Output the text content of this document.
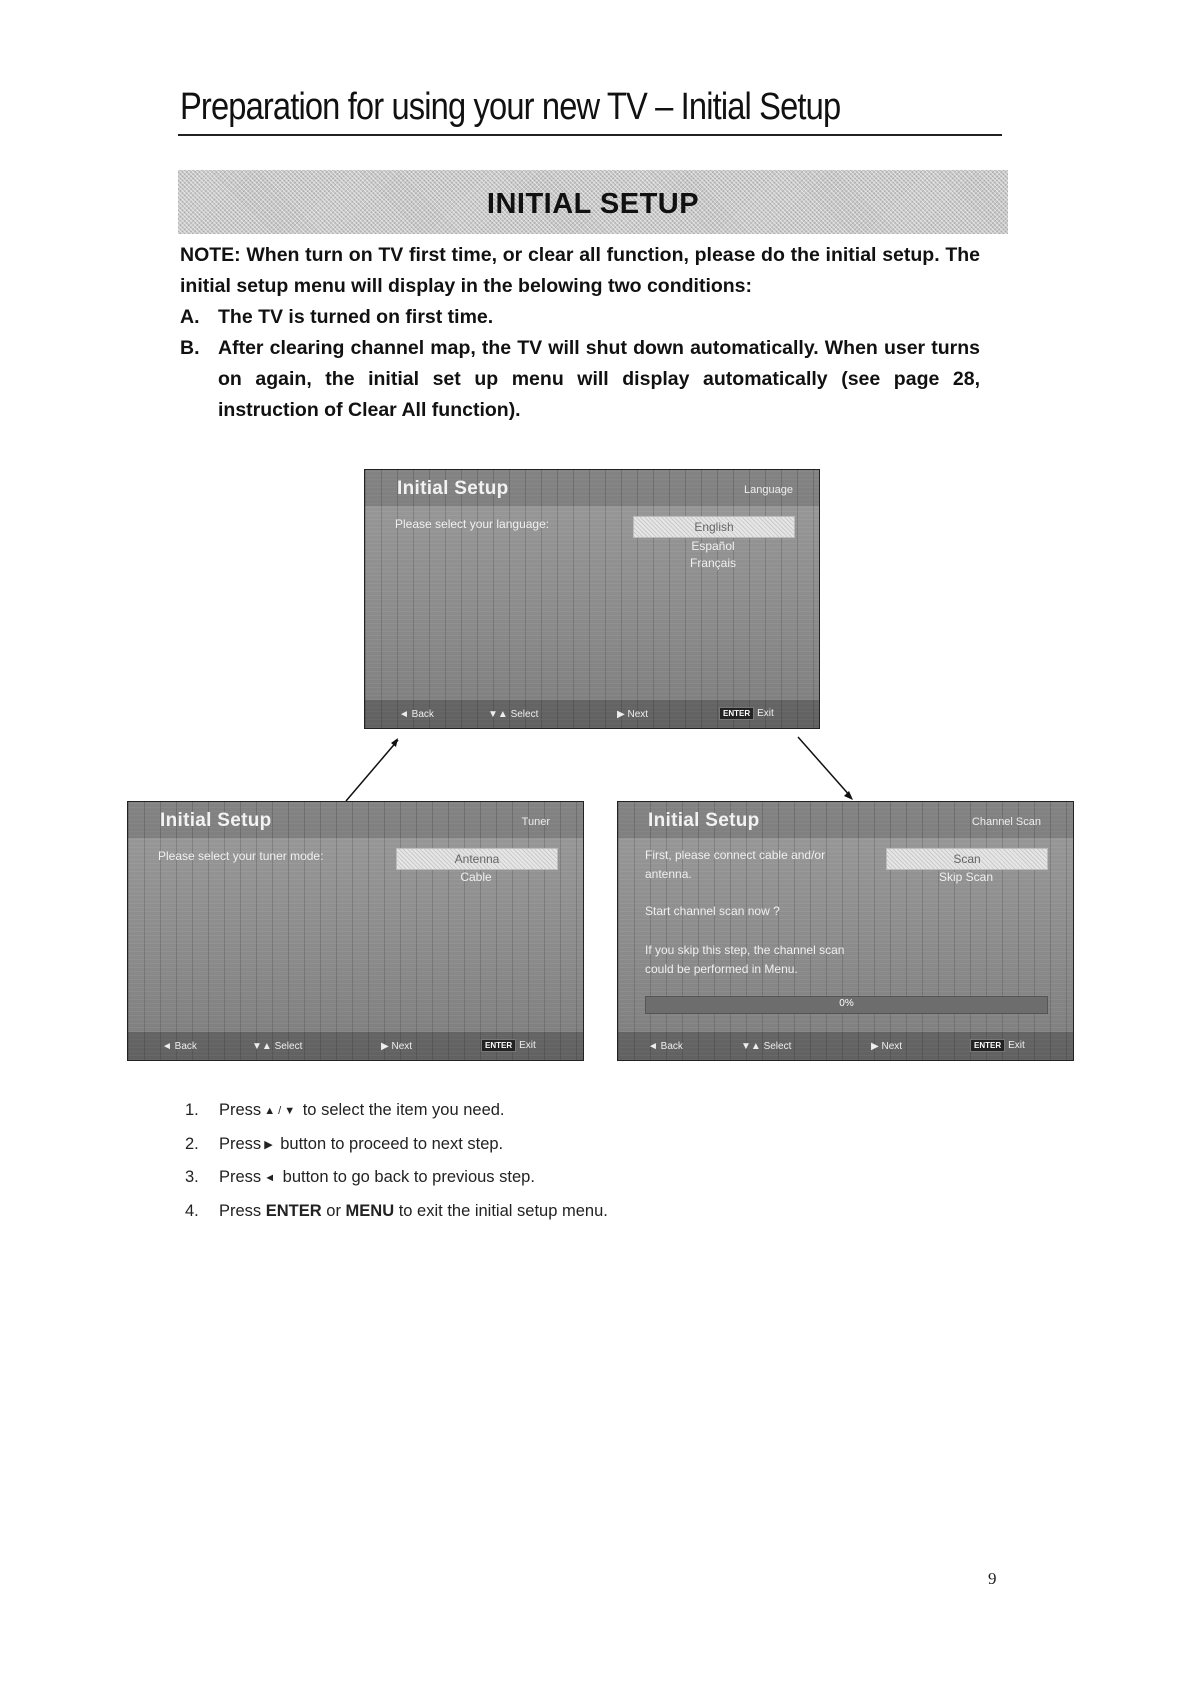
Preparation for using your new TV – Initial Setup
INITIAL SETUP

NOTE: When turn on TV first time, or clear all function, please do the initial setup. The initial setup menu will display in the belowing two conditions:

A. The TV is turned on first time.
B. After clearing channel map, the TV will shut down automatically. When user turns on again, the initial set up menu will display automatically (see page 28, instruction of Clear All function).
Initial Setup	Language
Please select your language:	English
Español
Français
◄ Back	▼▲ Select	▶ Next	ENTER Exit
Initial Setup	Tuner
Please select your tuner mode:	Antenna
Cable
◄ Back	▼▲ Select	▶ Next	ENTER Exit
Initial Setup	Channel Scan
First, please connect cable and/or antenna.
Start channel scan now ?
If you skip this step, the channel scan could be performed in Menu.
Scan
Skip Scan
0%
◄ Back	▼▲ Select	▶ Next	ENTER Exit
1.	Press ▲ / ▼ to select the item you need.
2.	Press ▶ button to proceed to next step.
3.	Press ◄ button to go back to previous step.
4.	Press ENTER or MENU to exit the initial setup menu.
9
